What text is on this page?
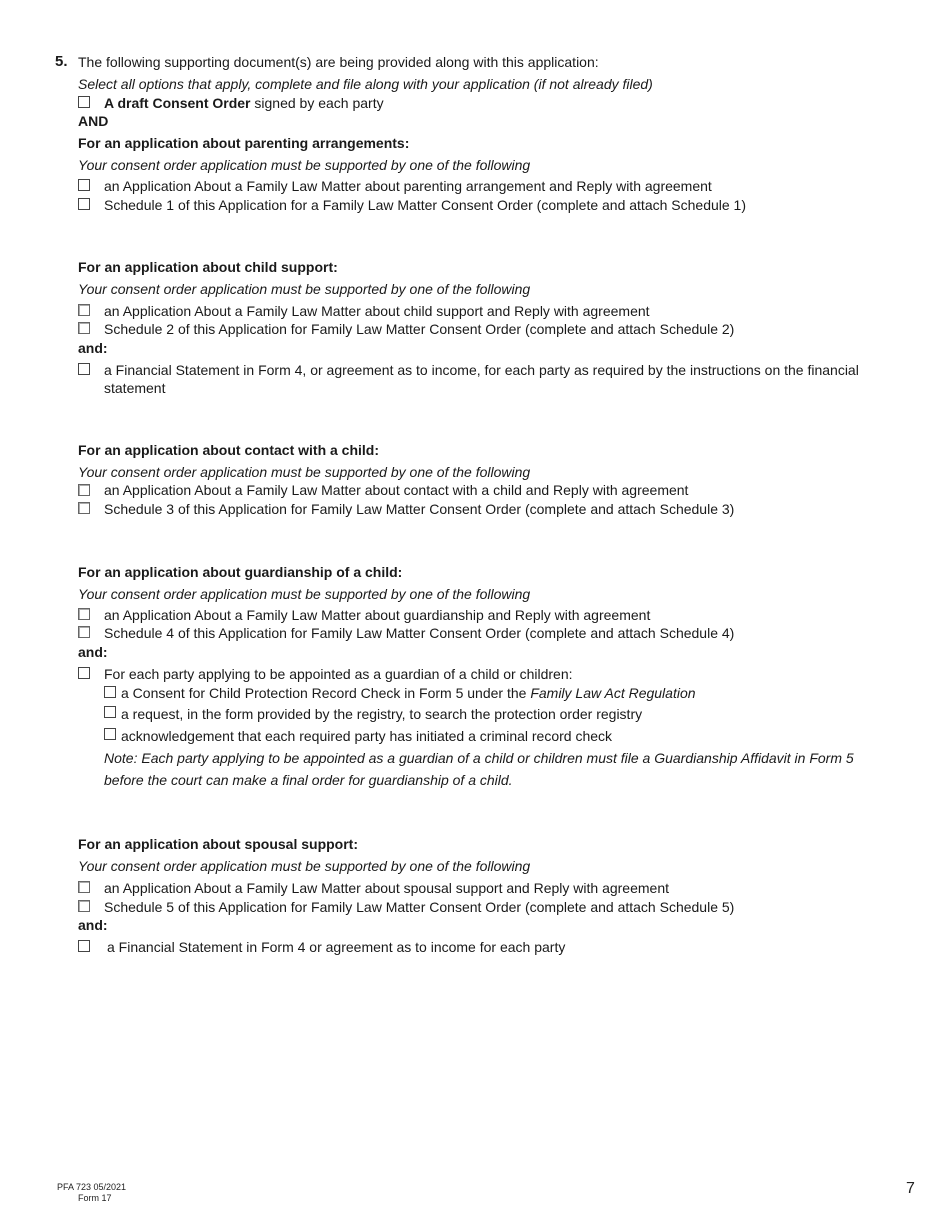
5. The following supporting document(s) are being provided along with this application:
Select all options that apply, complete and file along with your application (if not already filed)
A draft Consent Order signed by each party
AND
For an application about parenting arrangements:
Your consent order application must be supported by one of the following
an Application About a Family Law Matter about parenting arrangement and Reply with agreement
Schedule 1 of this Application for a Family Law Matter Consent Order (complete and attach Schedule 1)
For an application about child support:
Your consent order application must be supported by one of the following
an Application About a Family Law Matter about child support and Reply with agreement
Schedule 2 of this Application for Family Law Matter Consent Order (complete and attach Schedule 2)
and:
a Financial Statement in Form 4, or agreement as to income, for each party as required by the instructions on the financial
statement
For an application about contact with a child:
Your consent order application must be supported by one of the following
an Application About a Family Law Matter about contact with a child and Reply with agreement
Schedule 3 of this Application for Family Law Matter Consent Order (complete and attach Schedule 3)
For an application about guardianship of a child:
Your consent order application must be supported by one of the following
an Application About a Family Law Matter about guardianship and Reply with agreement
Schedule 4 of this Application for Family Law Matter Consent Order (complete and attach Schedule 4)
and:
For each party applying to be appointed as a guardian of a child or children:
a Consent for Child Protection Record Check in Form 5 under the Family Law Act Regulation
a request, in the form provided by the registry, to search the protection order registry
acknowledgement that each required party has initiated a criminal record check
Note: Each party applying to be appointed as a guardian of a child or children must file a Guardianship Affidavit in Form 5
before the court can make a final order for guardianship of a child.
For an application about spousal support:
Your consent order application must be supported by one of the following
an Application About a Family Law Matter about spousal support and Reply with agreement
Schedule 5 of this Application for Family Law Matter Consent Order (complete and attach Schedule 5)
and:
a Financial Statement in Form 4 or agreement as to income for each party
PFA 723 05/2021
Form 17
7
